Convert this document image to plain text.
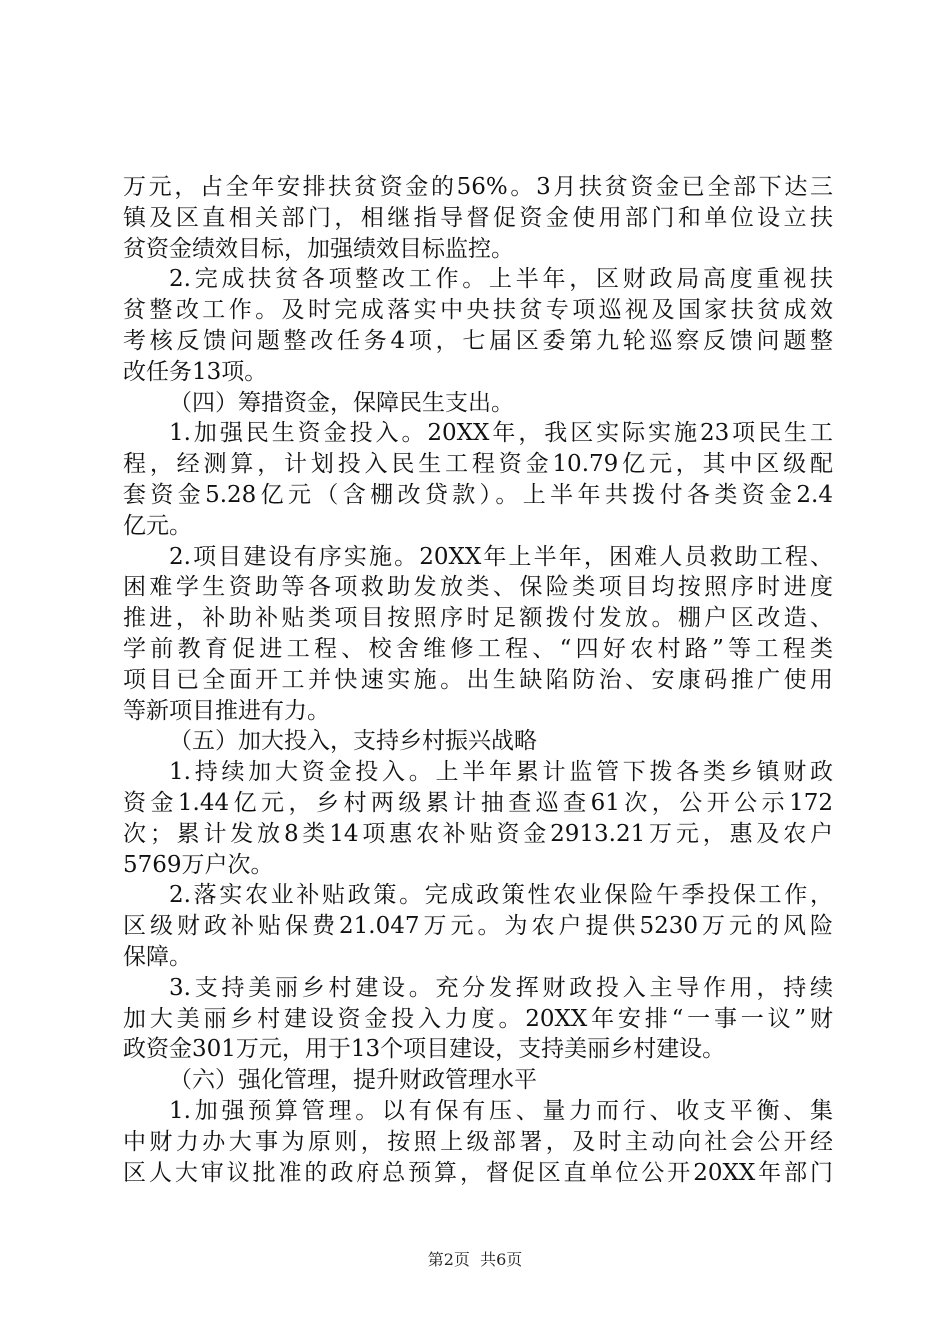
万元，占全年安排扶贫资金的56%。3月扶贫资金已全部下达三
镇及区直相关部门，相继指导督促资金使用部门和单位设立扶
贫资金绩效目标，加强绩效目标监控。
2.完成扶贫各项整改工作。上半年，区财政局高度重视扶
贫整改工作。及时完成落实中央扶贫专项巡视及国家扶贫成效
考核反馈问题整改任务4项，七届区委第九轮巡察反馈问题整
改任务13项。
（四）筹措资金，保障民生支出。
1.加强民生资金投入。20XX年，我区实际实施23项民生工
程，经测算，计划投入民生工程资金10.79亿元，其中区级配
套资金5.28亿元（含棚改贷款）。上半年共拨付各类资金2.4
亿元。
2.项目建设有序实施。20XX年上半年，困难人员救助工程、
困难学生资助等各项救助发放类、保险类项目均按照序时进度
推进，补助补贴类项目按照序时足额拨付发放。棚户区改造、
学前教育促进工程、校舍维修工程、“四好农村路”等工程类
项目已全面开工并快速实施。出生缺陷防治、安康码推广使用
等新项目推进有力。
（五）加大投入，支持乡村振兴战略
1.持续加大资金投入。上半年累计监管下拨各类乡镇财政
资金1.44亿元，乡村两级累计抽查巡查61次，公开公示172
次；累计发放8类14项惠农补贴资金2913.21万元，惠及农户
5769万户次。
2.落实农业补贴政策。完成政策性农业保险午季投保工作，
区级财政补贴保费21.047万元。为农户提供5230万元的风险
保障。
3.支持美丽乡村建设。充分发挥财政投入主导作用，持续
加大美丽乡村建设资金投入力度。20XX年安排“一事一议”财
政资金301万元，用于13个项目建设，支持美丽乡村建设。
（六）强化管理，提升财政管理水平
1.加强预算管理。以有保有压、量力而行、收支平衡、集
中财力办大事为原则，按照上级部署，及时主动向社会公开经
区人大审议批准的政府总预算，督促区直单位公开20XX年部门
第2页  共6页
